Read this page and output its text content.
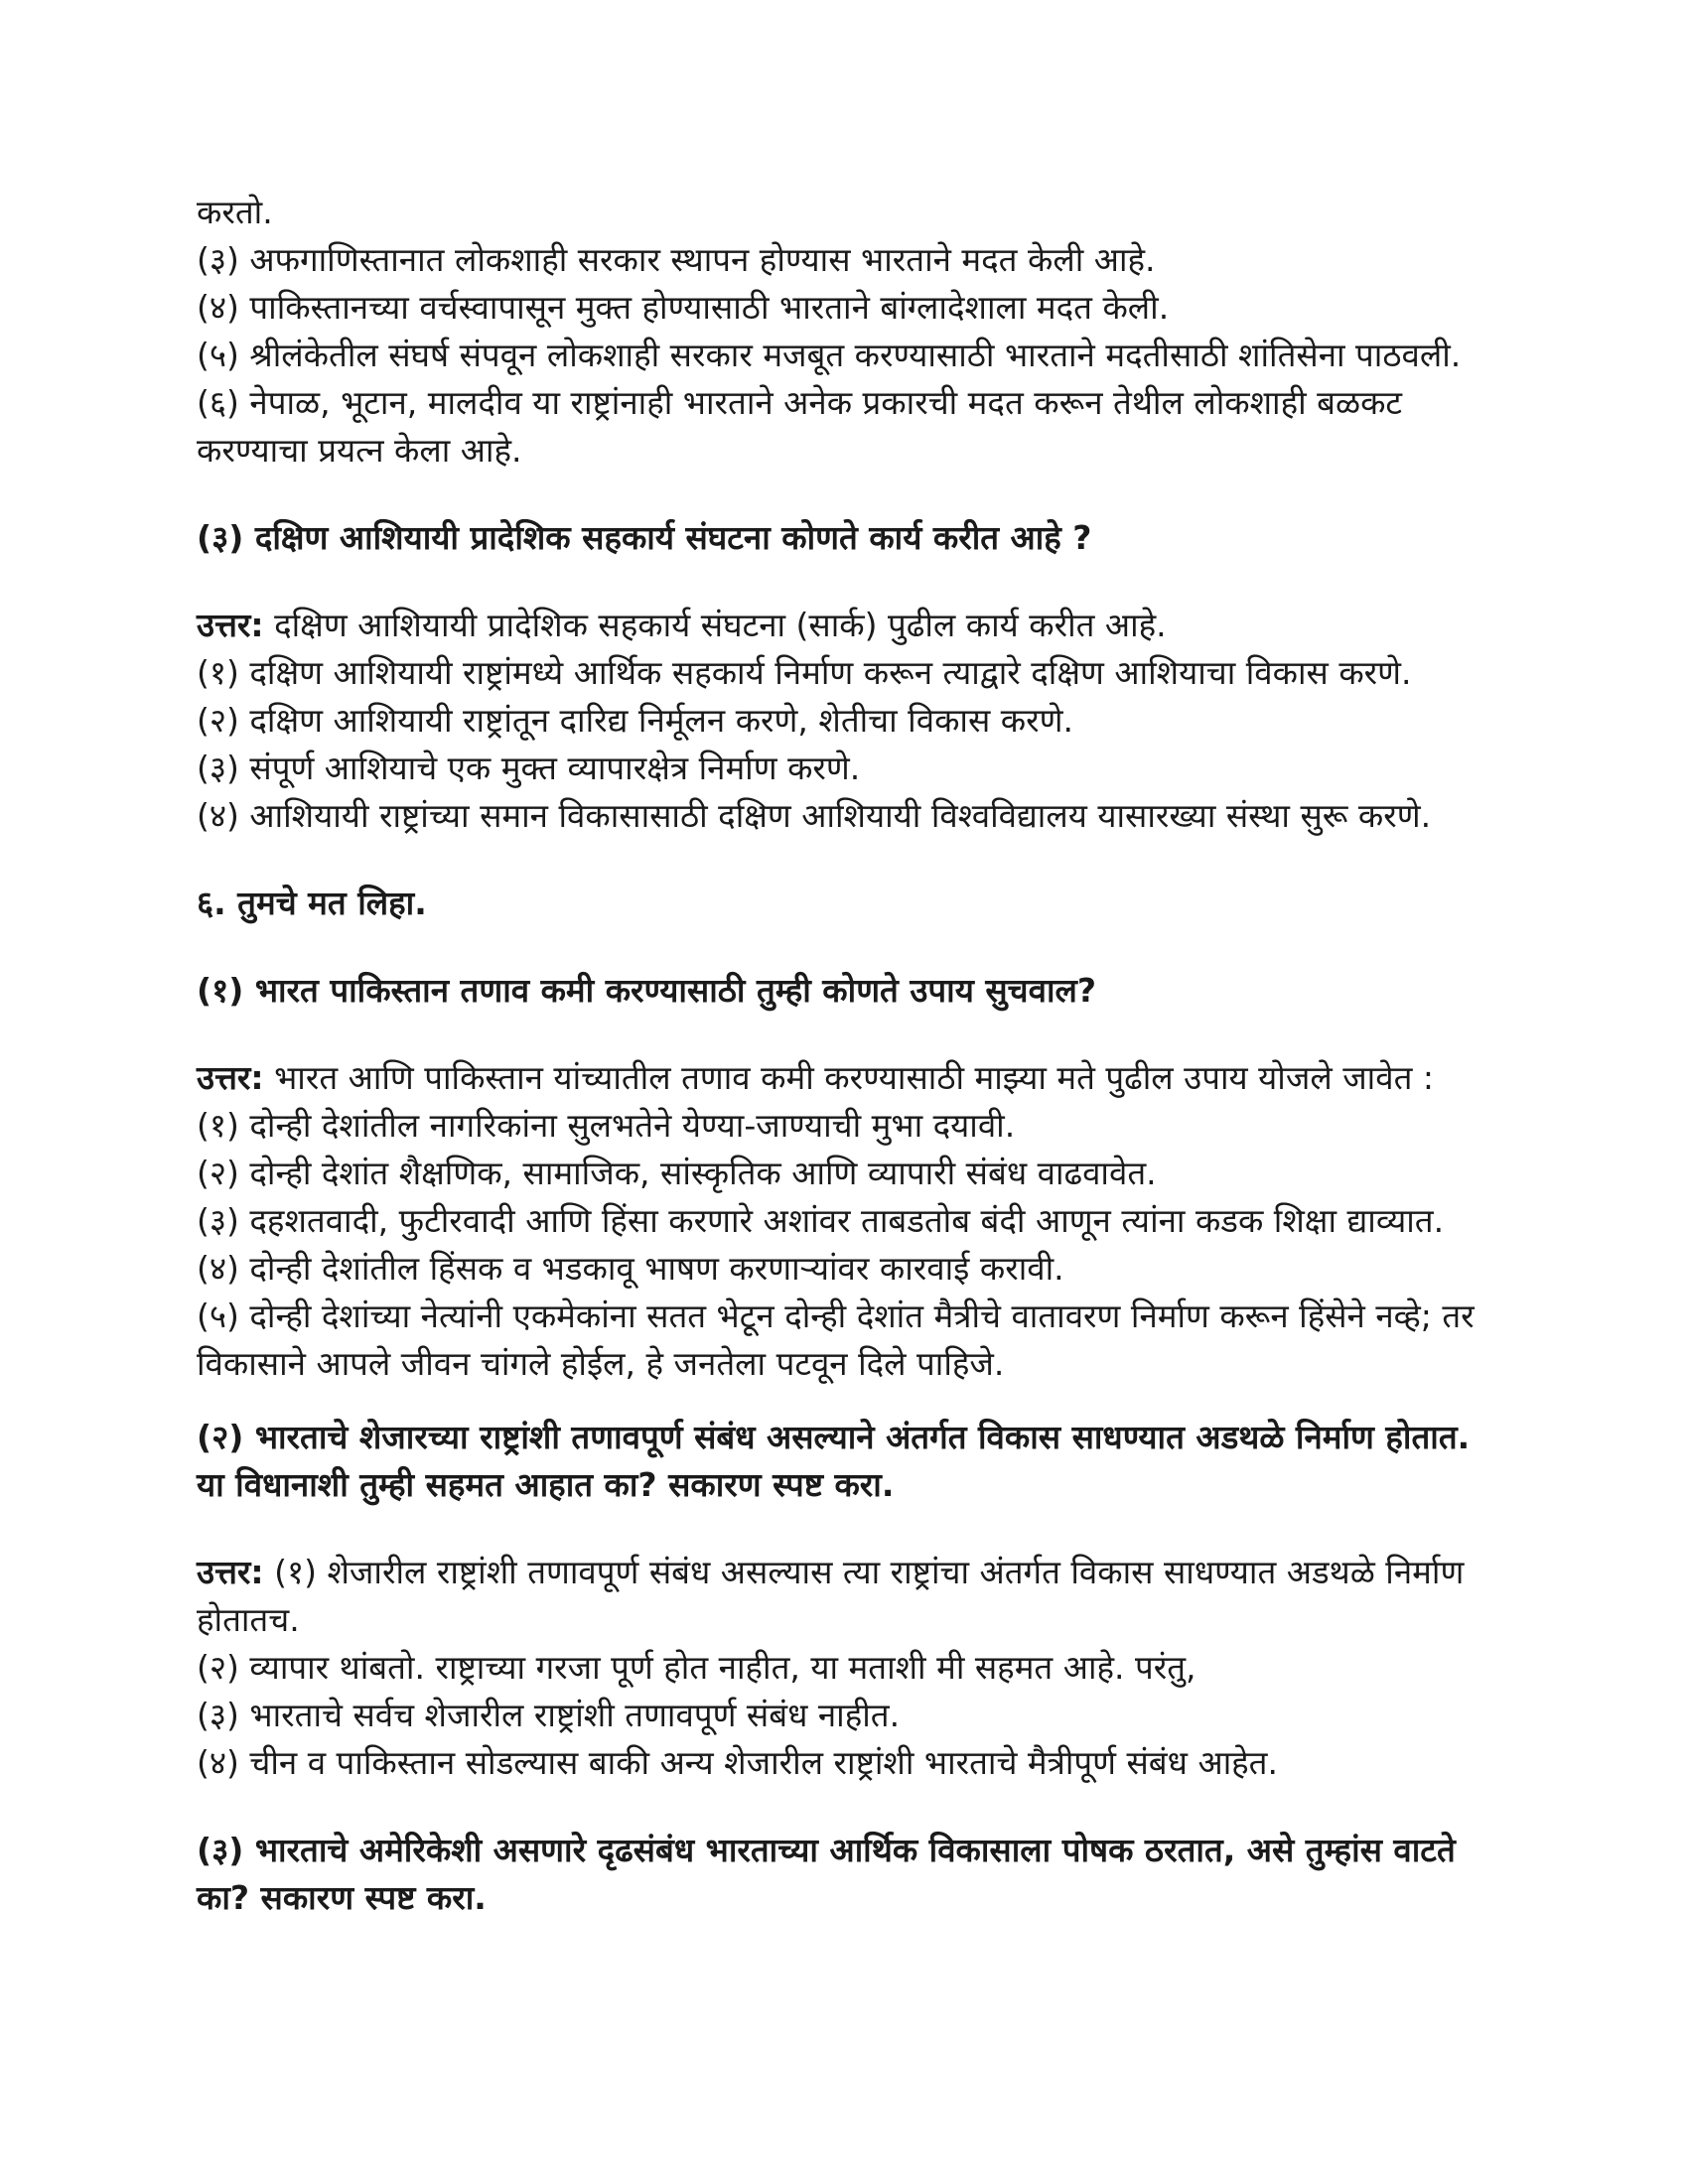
करतो.

(३) अफगाणिस्तानात लोकशाही सरकार स्थापन होण्यास भारताने मदत केली आहे.

(४) पाकिस्तानच्या वर्चस्वापासून मुक्त होण्यासाठी भारताने बांग्लादेशाला मदत केली.

(५) श्रीलंकेतील संघर्ष संपवून लोकशाही सरकार मजबूत करण्यासाठी भारताने मदतीसाठी शांतिसेना पाठवली.

(६) नेपाळ, भूटान, मालदीव या राष्ट्रांनाही भारताने अनेक प्रकारची मदत करून तेथील लोकशाही बळकट करण्याचा प्रयत्न केला आहे.

(३) दक्षिण आशियायी प्रादेशिक सहकार्य संघटना कोणते कार्य करीत आहे ?

उत्तर: दक्षिण आशियायी प्रादेशिक सहकार्य संघटना (सार्क) पुढील कार्य करीत आहे.

(१) दक्षिण आशियायी राष्ट्रांमध्ये आर्थिक सहकार्य निर्माण करून त्याद्वारे दक्षिण आशियाचा विकास करणे.

(२) दक्षिण आशियायी राष्ट्रांतून दारिद्य निर्मूलन करणे, शेतीचा विकास करणे.

(३) संपूर्ण आशियाचे एक मुक्त व्यापारक्षेत्र निर्माण करणे.

(४) आशियायी राष्ट्रांच्या समान विकासासाठी दक्षिण आशियायी विश्वविद्यालय यासारख्या संस्था सुरू करणे.

६. तुमचे मत लिहा.

(१) भारत पाकिस्तान तणाव कमी करण्यासाठी तुम्ही कोणते उपाय सुचवाल?

उत्तर: भारत आणि पाकिस्तान यांच्यातील तणाव कमी करण्यासाठी माझ्या मते पुढील उपाय योजले जावेत :

(१) दोन्ही देशांतील नागरिकांना सुलभतेने येण्या-जाण्याची मुभा दयावी.

(२) दोन्ही देशांत शैक्षणिक, सामाजिक, सांस्कृतिक आणि व्यापारी संबंध वाढवावेत.

(३) दहशतवादी, फुटीरवादी आणि हिंसा करणारे अशांवर ताबडतोब बंदी आणून त्यांना कडक शिक्षा द्याव्यात.

(४) दोन्ही देशांतील हिंसक व भडकावू भाषण करणाऱ्यांवर कारवाई करावी.

(५) दोन्ही देशांच्या नेत्यांनी एकमेकांना सतत भेटून दोन्ही देशांत मैत्रीचे वातावरण निर्माण करून हिंसेने नव्हे; तर विकासाने आपले जीवन चांगले होईल, हे जनतेला पटवून दिले पाहिजे.

(२) भारताचे शेजारच्या राष्ट्रांशी तणावपूर्ण संबंध असल्याने अंतर्गत विकास साधण्यात अडथळे निर्माण होतात. या विधानाशी तुम्ही सहमत आहात का? सकारण स्पष्ट करा.

उत्तर: (१) शेजारील राष्ट्रांशी तणावपूर्ण संबंध असल्यास त्या राष्ट्रांचा अंतर्गत विकास साधण्यात अडथळे निर्माण होतातच.

(२) व्यापार थांबतो. राष्ट्राच्या गरजा पूर्ण होत नाहीत, या मताशी मी सहमत आहे. परंतु,

(३) भारताचे सर्वच शेजारील राष्ट्रांशी तणावपूर्ण संबंध नाहीत.

(४) चीन व पाकिस्तान सोडल्यास बाकी अन्य शेजारील राष्ट्रांशी भारताचे मैत्रीपूर्ण संबंध आहेत.

(३) भारताचे अमेरिकेशी असणारे दृढसंबंध भारताच्या आर्थिक विकासाला पोषक ठरतात, असे तुम्हांस वाटते का? सकारण स्पष्ट करा.
